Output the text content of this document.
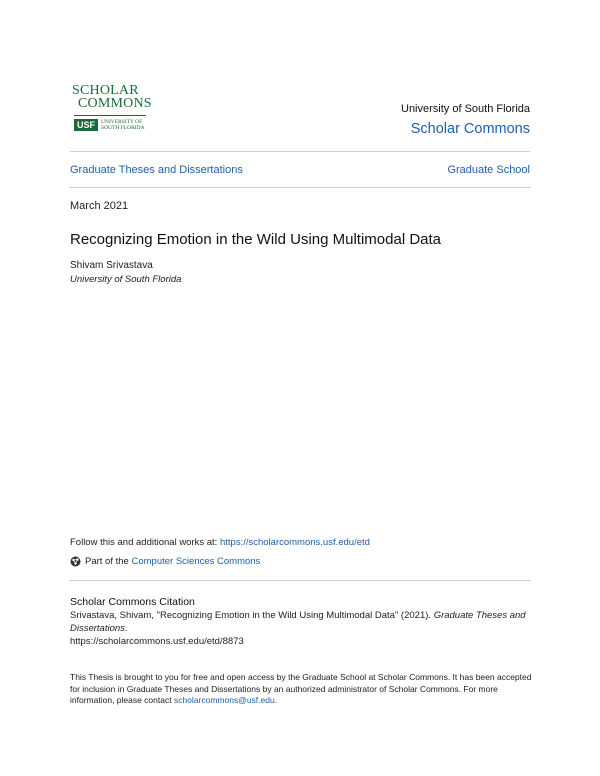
SCHOLAR
COMMONS
USF	UNIVERSITY OF
SOUTH FLORIDA
University of South Florida
Scholar Commons
Graduate Theses and Dissertations	Graduate School
March 2021
Recognizing Emotion in the Wild Using Multimodal Data
Shivam Srivastava
University of South Florida
Follow this and additional works at: https://scholarcommons.usf.edu/etd
Part of the
Computer Sciences Commons
Scholar Commons Citation
Srivastava, Shivam, "Recognizing Emotion in the Wild Using Multimodal Data" (2021). Graduate Theses and Dissertations.
https://scholarcommons.usf.edu/etd/8873
This Thesis is brought to you for free and open access by the Graduate School at Scholar Commons. It has been accepted for inclusion in Graduate Theses and Dissertations by an authorized administrator of Scholar Commons. For more information, please contact scholarcommons@usf.edu.
